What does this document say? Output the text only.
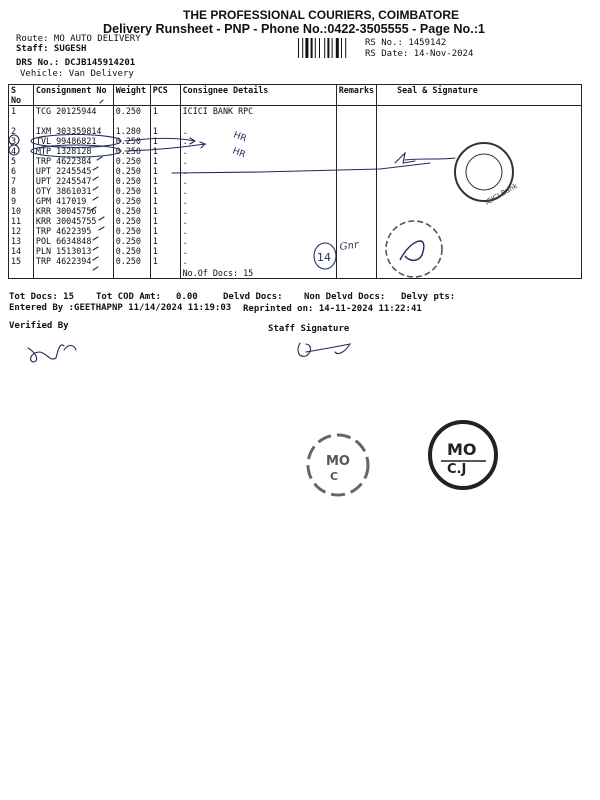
THE PROFESSIONAL COURIERS, COIMBATORE
Delivery Runsheet - PNP - Phone No.:0422-3505555 - Page No.:1
Route: MO AUTO DELIVERY
Staff: SUGESH
DRS No.: DCJB145914201
Vehicle: Van Delivery
RS No.: 1459142
RS Date: 14-Nov-2024
S No	Consignment No	Weight	PCS	Consignee Details	Remarks	Seal & Signature
1	TCG 20125944	0.250	1	ICICI BANK RPC		

2	IXM 303359814	1.280	1	.		
3	TVL 99486821	0.250	1	.		
4	MTP 1328128	0.250	1	.		
5	TRP 4622384	0.250	1	.		
6	UPT 2245545	0.250	1	.		
7	UPT 2245547	0.250	1	.		
8	OTY 3861031	0.250	1	.		
9	GPM 417019	0.250	1	.		
10	KRR 30045756	0.250	1	.		
11	KRR 30045755	0.250	1	.		
12	TRP 4622395	0.250	1	.		
13	POL 6634848	0.250	1	.		
14	PLN 1513013	0.250	1	.		
15	TRP 4622394	0.250	1	.		
				No.Of Docs: 15		
Tot Docs: 15 Tot COD Amt: 0.00	Delvd Docs: Non Delvd Docs: Delvy pts:
Entered By :GEETHAPNP 11/14/2024 11:19:03 Reprinted on: 14-11-2024 11:22:41
Verified By	Staff Signature
HR
HR
14
Gnr
ICICI Bank
MO
C
MO
C.J
